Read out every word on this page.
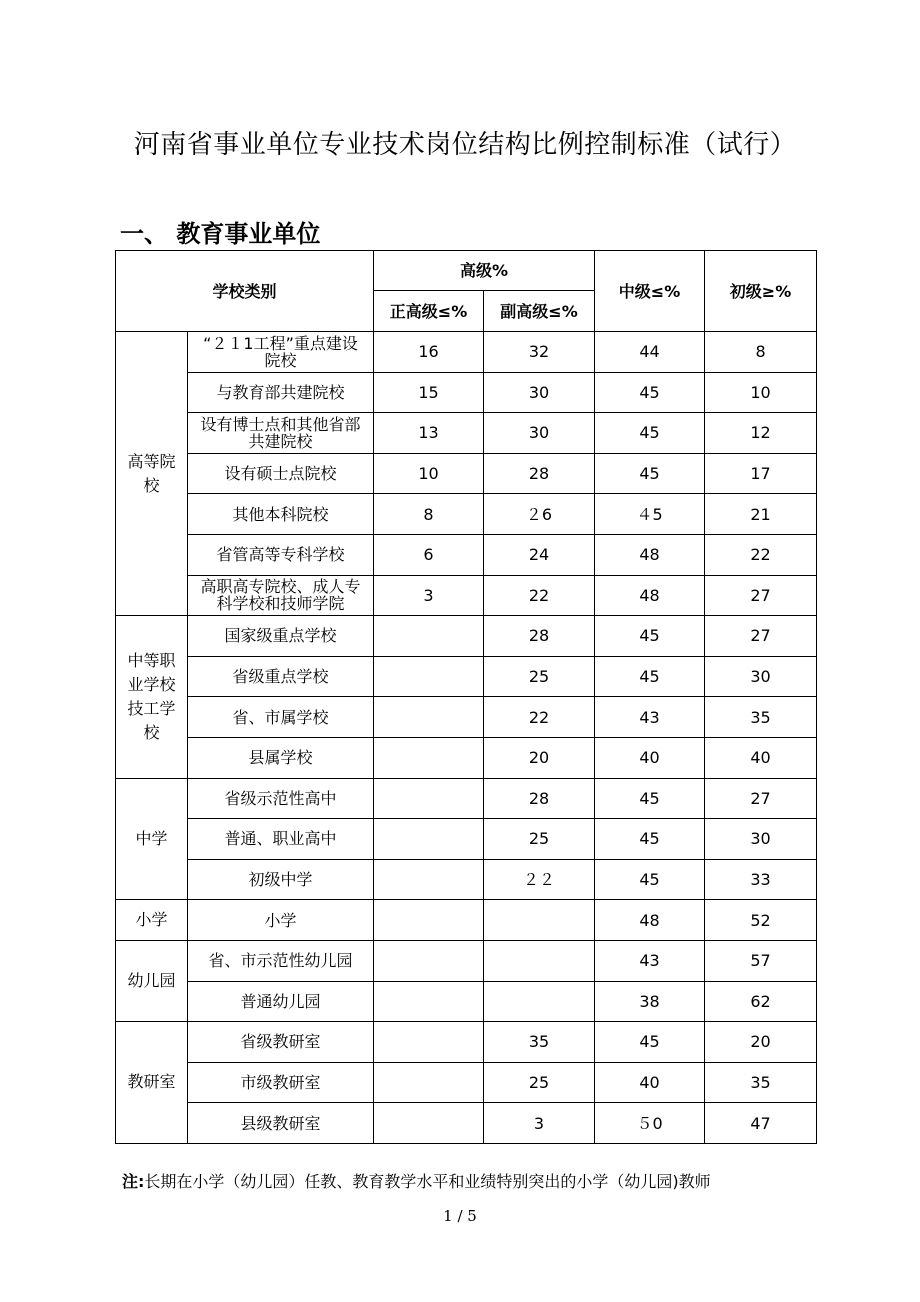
河南省事业单位专业技术岗位结构比例控制标准（试行）
一、 教育事业单位
学校类别		高级%		中级≤%	初级≥%
		正高级≤%	副高级≤%		
高等院校	“２１1工程”重点建设院校	16	32	44	8
	与教育部共建院校	15	30	45	10
	设有博士点和其他省部共建院校	13	30	45	12
	设有硕士点院校	10	28	45	17
	其他本科院校	8	２6	４5	21
	省管高等专科学校	6	24	48	22
	高职高专院校、成人专科学校和技师学院	3	22	48	27
中等职业学校技工学校	国家级重点学校		28	45	27
	省级重点学校		25	45	30
	省、市属学校		22	43	35
	县属学校		20	40	40
中学	省级示范性高中		28	45	27
	普通、职业高中		25	45	30
	初级中学		２２	45	33
小学	小学			48	52
幼儿园	省、市示范性幼儿园			43	57
	普通幼儿园			38	62
教研室	省级教研室		35	45	20
	市级教研室		25	40	35
	县级教研室		3	５0	47
注:长期在小学（幼儿园）任教、教育教学水平和业绩特别突出的小学（幼儿园)教师
1 / 5
